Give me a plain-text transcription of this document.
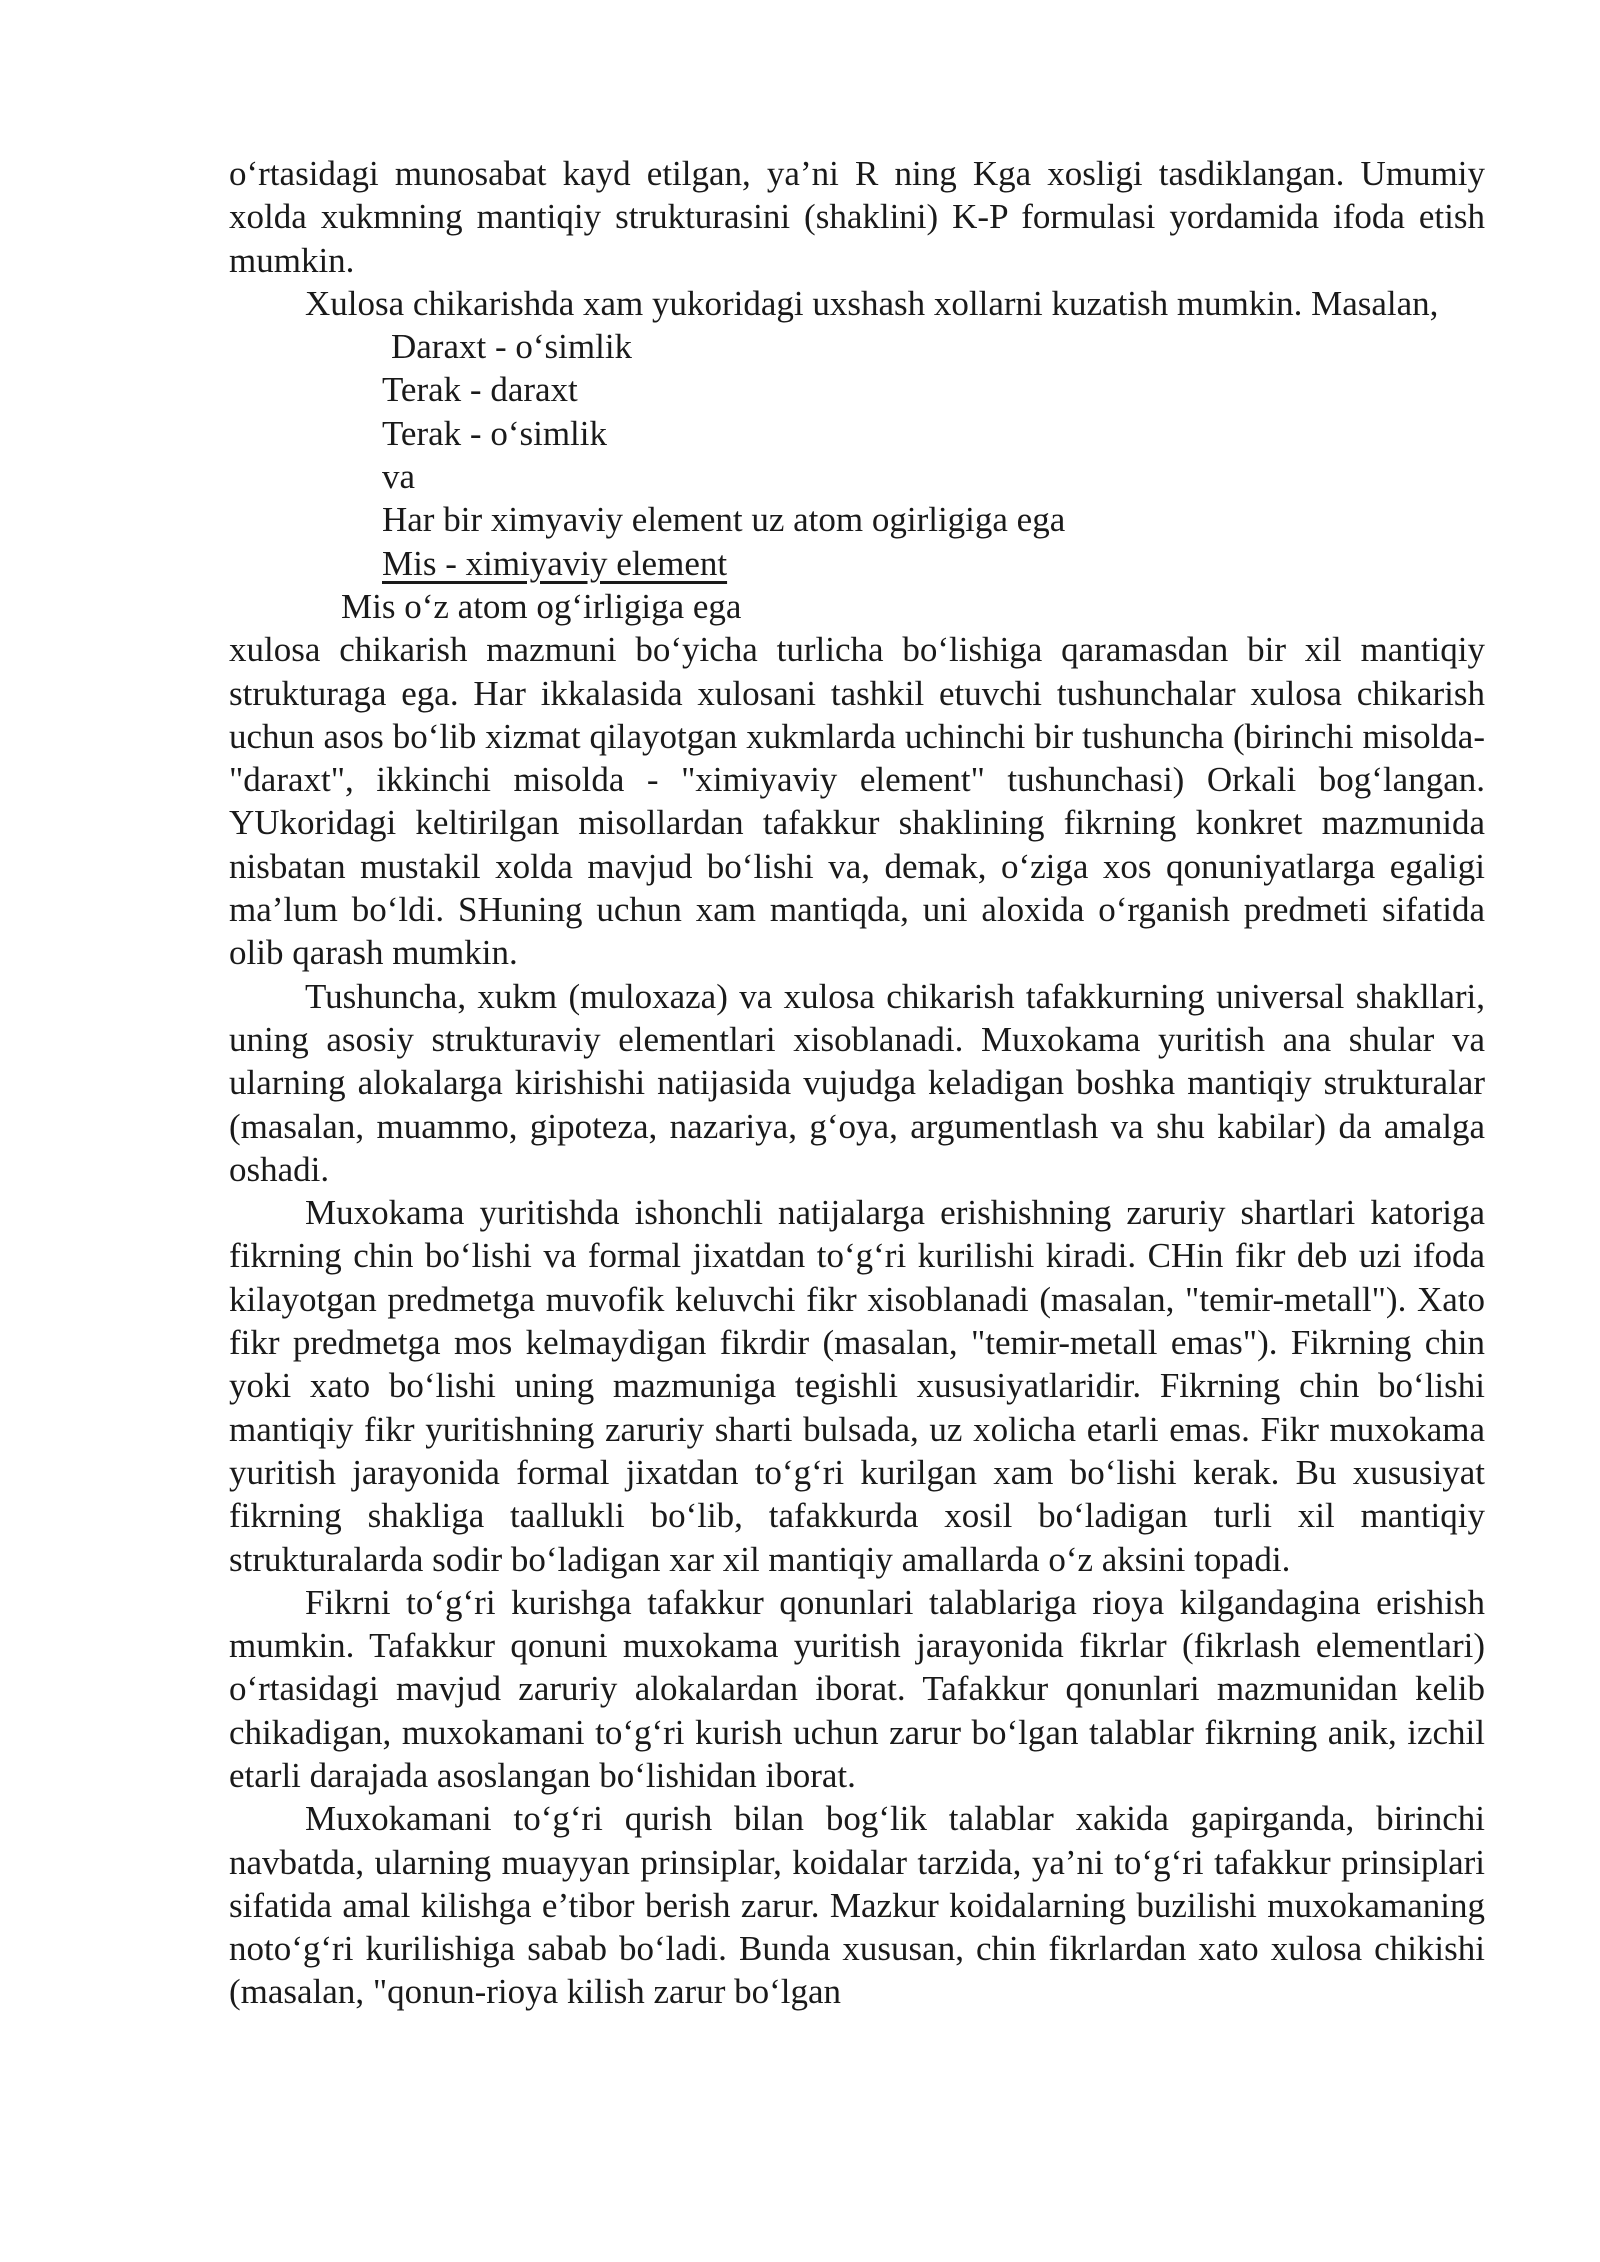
o‘rtasidagi munosabat kayd etilgan, ya’ni R ning Kga xosligi tasdiklangan. Umumiy xolda xukmning mantiqiy strukturasini (shaklini) K-P formulasi yordamida ifoda etish mumkin.

Xulosa chikarishda xam yukoridagi uxshash xollarni kuzatish mumkin. Masalan,

Daraxt - o‘simlik
Terak - daraxt
Terak - o‘simlik
va
Har bir ximyaviy element uz atom ogirligiga ega
Mis - ximiyaviy element
Mis o‘z atom og‘irligiga ega

xulosa chikarish mazmuni bo‘yicha turlicha bo‘lishiga qaramasdan bir xil mantiqiy strukturaga ega. Har ikkalasida xulosani tashkil etuvchi tushunchalar xulosa chikarish uchun asos bo‘lib xizmat qilayotgan xukmlarda uchinchi bir tushuncha (birinchi misolda-"daraxt", ikkinchi misolda - "ximiyaviy element" tushunchasi) Orkali bog‘langan. YUkoridagi keltirilgan misollardan tafakkur shaklining fikrning konkret mazmunida nisbatan mustakil xolda mavjud bo‘lishi va, demak, o‘ziga xos qonuniyatlarga egaligi ma’lum bo‘ldi. SHuning uchun xam mantiqda, uni aloxida o‘rganish predmeti sifatida olib qarash mumkin.

Tushuncha, xukm (muloxaza) va xulosa chikarish tafakkurning universal shakllari, uning asosiy strukturaviy elementlari xisoblanadi. Muxokama yuritish ana shular va ularning alokalarga kirishishi natijasida vujudga keladigan boshka mantiqiy strukturalar (masalan, muammo, gipoteza, nazariya, g‘oya, argumentlash va shu kabilar) da amalga oshadi.

Muxokama yuritishda ishonchli natijalarga erishishning zaruriy shartlari katoriga fikrning chin bo‘lishi va formal jixatdan to‘g‘ri kurilishi kiradi. CHin fikr deb uzi ifoda kilayotgan predmetga muvofik keluvchi fikr xisoblanadi (masalan, "temir-metall"). Xato fikr predmetga mos kelmaydigan fikrdir (masalan, "temir-metall emas"). Fikrning chin yoki xato bo‘lishi uning mazmuniga tegishli xususiyatlaridir. Fikrning chin bo‘lishi mantiqiy fikr yuritishning zaruriy sharti bulsada, uz xolicha etarli emas. Fikr muxokama yuritish jarayonida formal jixatdan to‘g‘ri kurilgan xam bo‘lishi kerak. Bu xususiyat fikrning shakliga taallukli bo‘lib, tafakkurda xosil bo‘ladigan turli xil mantiqiy strukturalarda sodir bo‘ladigan xar xil mantiqiy amallarda o‘z aksini topadi.

Fikrni to‘g‘ri kurishga tafakkur qonunlari talablariga rioya kilgandagina erishish mumkin. Tafakkur qonuni muxokama yuritish jarayonida fikrlar (fikrlash elementlari) o‘rtasidagi mavjud zaruriy alokalardan iborat. Tafakkur qonunlari mazmunidan kelib chikadigan, muxokamani to‘g‘ri kurish uchun zarur bo‘lgan talablar fikrning anik, izchil etarli darajada asoslangan bo‘lishidan iborat.

Muxokamani to‘g‘ri qurish bilan bog‘lik talablar xakida gapirganda, birinchi navbatda, ularning muayyan prinsiplar, koidalar tarzida, ya’ni to‘g‘ri tafakkur prinsiplari sifatida amal kilishga e’tibor berish zarur. Mazkur koidalarning buzilishi muxokamaning noto‘g‘ri kurilishiga sabab bo‘ladi. Bunda xususan, chin fikrlardan xato xulosa chikishi (masalan, "qonun-rioya kilish zarur bo‘lgan
